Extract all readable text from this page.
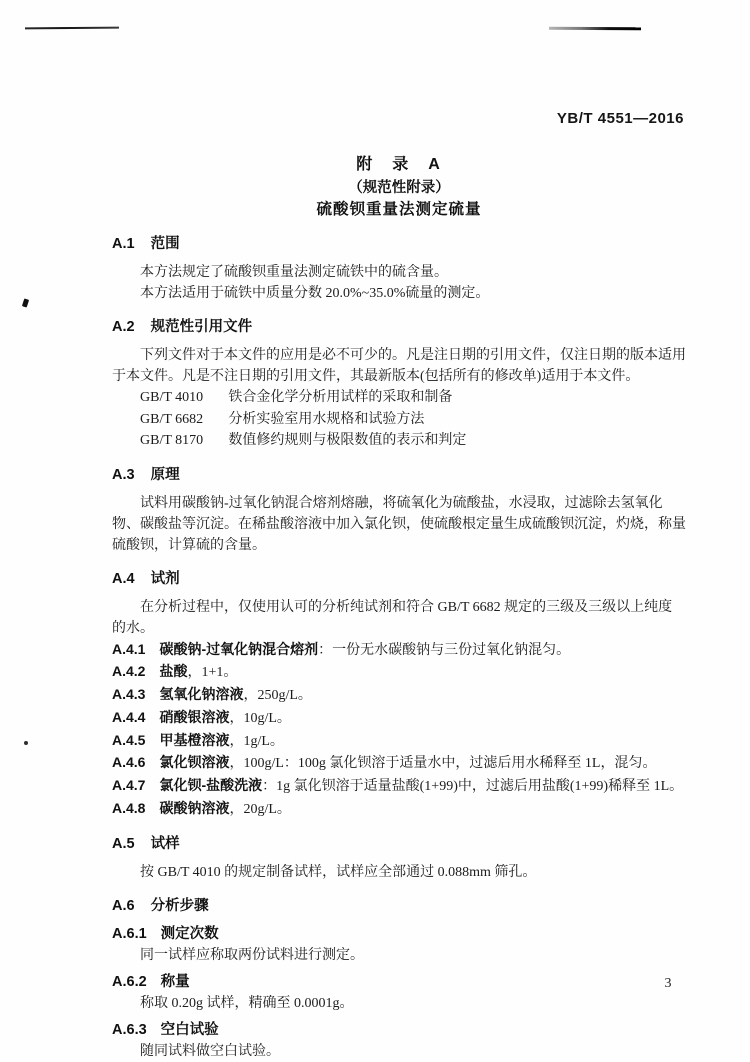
YB/T 4551—2016
附　录　A
（规范性附录）
硫酸钡重量法测定硫量
A.1 范围

本方法规定了硫酸钡重量法测定硫铁中的硫含量。

本方法适用于硫铁中质量分数 20.0%~35.0%硫量的测定。

A.2 规范性引用文件

下列文件对于本文件的应用是必不可少的。凡是注日期的引用文件，仅注日期的版本适用于本文件。凡是不注日期的引用文件，其最新版本(包括所有的修改单)适用于本文件。

GB/T 4010 铁合金化学分析用试样的采取和制备
GB/T 6682 分析实验室用水规格和试验方法
GB/T 8170 数值修约规则与极限数值的表示和判定
A.3 原理

试料用碳酸钠-过氧化钠混合熔剂熔融，将硫氧化为硫酸盐，水浸取，过滤除去氢氧化物、碳酸盐等沉淀。在稀盐酸溶液中加入氯化钡，使硫酸根定量生成硫酸钡沉淀，灼烧，称量硫酸钡，计算硫的含量。

A.4 试剂

在分析过程中，仅使用认可的分析纯试剂和符合 GB/T 6682 规定的三级及三级以上纯度的水。

A.4.1 碳酸钠-过氧化钠混合熔剂：一份无水碳酸钠与三份过氧化钠混匀。
A.4.2 盐酸，1+1。
A.4.3 氢氧化钠溶液，250g/L。
A.4.4 硝酸银溶液，10g/L。
A.4.5 甲基橙溶液，1g/L。
A.4.6 氯化钡溶液，100g/L：100g 氯化钡溶于适量水中，过滤后用水稀释至 1L，混匀。
A.4.7 氯化钡-盐酸洗液：1g 氯化钡溶于适量盐酸(1+99)中，过滤后用盐酸(1+99)稀释至 1L。
A.4.8 碳酸钠溶液，20g/L。
A.5 试样

按 GB/T 4010 的规定制备试样，试样应全部通过 0.088mm 筛孔。

A.6 分析步骤
A.6.1 测定次数

同一试样应称取两份试料进行测定。

A.6.2 称量

称取 0.20g 试样，精确至 0.0001g。

A.6.3 空白试验

随同试料做空白试验。

3
